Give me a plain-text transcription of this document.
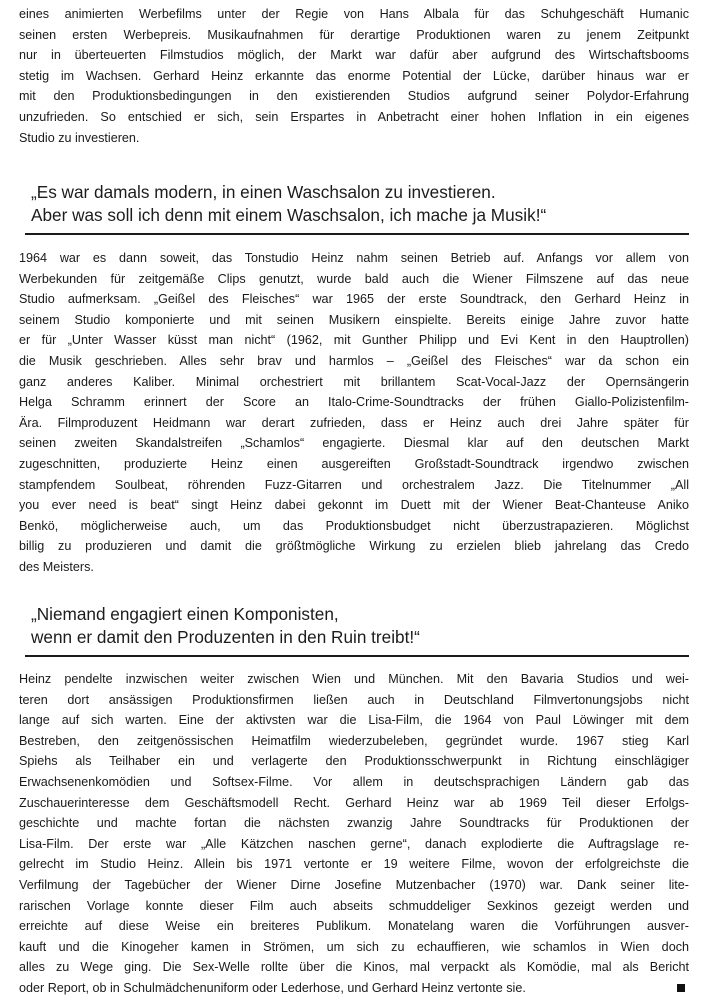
eines animierten Werbefilms unter der Regie von Hans Albala für das Schuhgeschäft Humanic
seinen ersten Werbepreis. Musikaufnahmen für derartige Produktionen waren zu jenem Zeitpunkt
nur in überteuerten Filmstudios möglich, der Markt war dafür aber aufgrund des Wirtschaftsbooms
stetig im Wachsen. Gerhard Heinz erkannte das enorme Potential der Lücke, darüber hinaus war er
mit den Produktionsbedingungen in den existierenden Studios aufgrund seiner Polydor-Erfahrung
unzufrieden. So entschied er sich, sein Erspartes in Anbetracht einer hohen Inflation in ein eigenes
Studio zu investieren.

„Es war damals modern, in einen Waschsalon zu investieren.

Aber was soll ich denn mit einem Waschsalon, ich mache ja Musik!“

1964 war es dann soweit, das Tonstudio Heinz nahm seinen Betrieb auf. Anfangs vor allem von
Werbekunden für zeitgemäße Clips genutzt, wurde bald auch die Wiener Filmszene auf das neue
Studio aufmerksam. „Geißel des Fleisches“ war 1965 der erste Soundtrack, den Gerhard Heinz in
seinem Studio komponierte und mit seinen Musikern einspielte. Bereits einige Jahre zuvor hatte
er für „Unter Wasser küsst man nicht“ (1962, mit Gunther Philipp und Evi Kent in den Hauptrollen)
die Musik geschrieben. Alles sehr brav und harmlos – „Geißel des Fleisches“ war da schon ein
ganz anderes Kaliber. Minimal orchestriert mit brillantem Scat-Vocal-Jazz der Opernsängerin
Helga Schramm erinnert der Score an Italo-Crime-Soundtracks der frühen Giallo-Polizistenfilm-
Ära. Filmproduzent Heidmann war derart zufrieden, dass er Heinz auch drei Jahre später für
seinen zweiten Skandalstreifen „Schamlos“ engagierte. Diesmal klar auf den deutschen Markt
zugeschnitten, produzierte Heinz einen ausgereiften Großstadt-Soundtrack irgendwo zwischen
stampfendem Soulbeat, röhrenden Fuzz-Gitarren und orchestralem Jazz. Die Titelnummer „All
you ever need is beat“ singt Heinz dabei gekonnt im Duett mit der Wiener Beat-Chanteuse Aniko
Benkö, möglicherweise auch, um das Produktionsbudget nicht überzustrapazieren. Möglichst
billig zu produzieren und damit die größtmögliche Wirkung zu erzielen blieb jahrelang das Credo
des Meisters.

„Niemand engagiert einen Komponisten,

wenn er damit den Produzenten in den Ruin treibt!“

Heinz pendelte inzwischen weiter zwischen Wien und München. Mit den Bavaria Studios und wei-
teren dort ansässigen Produktionsfirmen ließen auch in Deutschland Filmvertonungsjobs nicht
lange auf sich warten. Eine der aktivsten war die Lisa-Film, die 1964 von Paul Löwinger mit dem
Bestreben, den zeitgenössischen Heimatfilm wiederzubeleben, gegründet wurde. 1967 stieg Karl
Spiehs als Teilhaber ein und verlagerte den Produktionsschwerpunkt in Richtung einschlägiger
Erwachsenenkomödien und Softsex-Filme. Vor allem in deutschsprachigen Ländern gab das
Zuschauerinteresse dem Geschäftsmodell Recht. Gerhard Heinz war ab 1969 Teil dieser Erfolgs-
geschichte und machte fortan die nächsten zwanzig Jahre Soundtracks für Produktionen der
Lisa-Film. Der erste war „Alle Kätzchen naschen gerne“, danach explodierte die Auftragslage re-
gelrecht im Studio Heinz. Allein bis 1971 vertonte er 19 weitere Filme, wovon der erfolgreichste die
Verfilmung der Tagebücher der Wiener Dirne Josefine Mutzenbacher (1970) war. Dank seiner lite-
rarischen Vorlage konnte dieser Film auch abseits schmuddeliger Sexkinos gezeigt werden und
erreichte auf diese Weise ein breiteres Publikum. Monatelang waren die Vorführungen ausver-
kauft und die Kinogeher kamen in Strömen, um sich zu echauffieren, wie schamlos in Wien doch
alles zu Wege ging. Die Sex-Welle rollte über die Kinos, mal verpackt als Komödie, mal als Bericht
oder Report, ob in Schulmädchenuniform oder Lederhose, und Gerhard Heinz vertonte sie.
